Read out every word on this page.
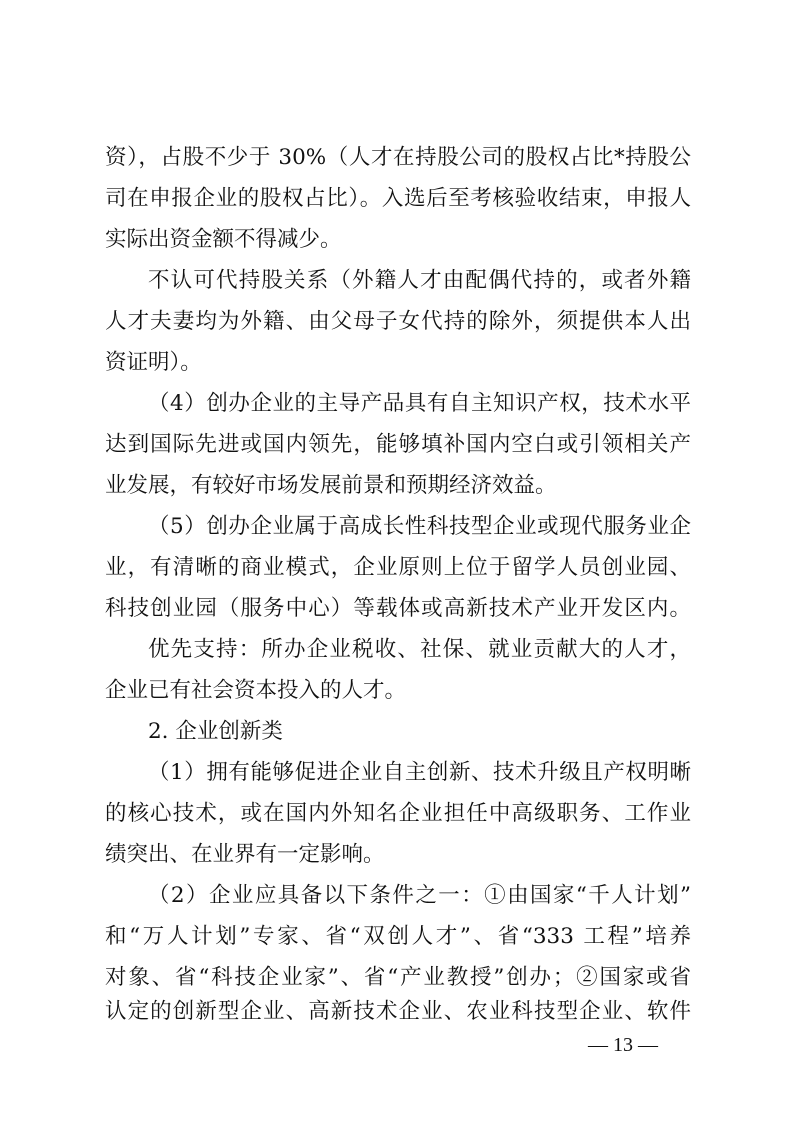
资），占股不少于 30%（人才在持股公司的股权占比*持股公
司在申报企业的股权占比）。入选后至考核验收结束，申报人
实际出资金额不得减少。
不认可代持股关系（外籍人才由配偶代持的，或者外籍
人才夫妻均为外籍、由父母子女代持的除外，须提供本人出
资证明）。
（4）创办企业的主导产品具有自主知识产权，技术水平
达到国际先进或国内领先，能够填补国内空白或引领相关产
业发展，有较好市场发展前景和预期经济效益。
（5）创办企业属于高成长性科技型企业或现代服务业企
业，有清晰的商业模式，企业原则上位于留学人员创业园、
科技创业园（服务中心）等载体或高新技术产业开发区内。
优先支持：所办企业税收、社保、就业贡献大的人才，
企业已有社会资本投入的人才。
2. 企业创新类
（1）拥有能够促进企业自主创新、技术升级且产权明晰
的核心技术，或在国内外知名企业担任中高级职务、工作业
绩突出、在业界有一定影响。
（2）企业应具备以下条件之一：①由国家“千人计划”
和“万人计划”专家、省“双创人才”、省“333 工程”培养
对象、省“科技企业家”、省“产业教授”创办；②国家或省
— 13 —
认定的创新型企业、高新技术企业、农业科技型企业、软件
